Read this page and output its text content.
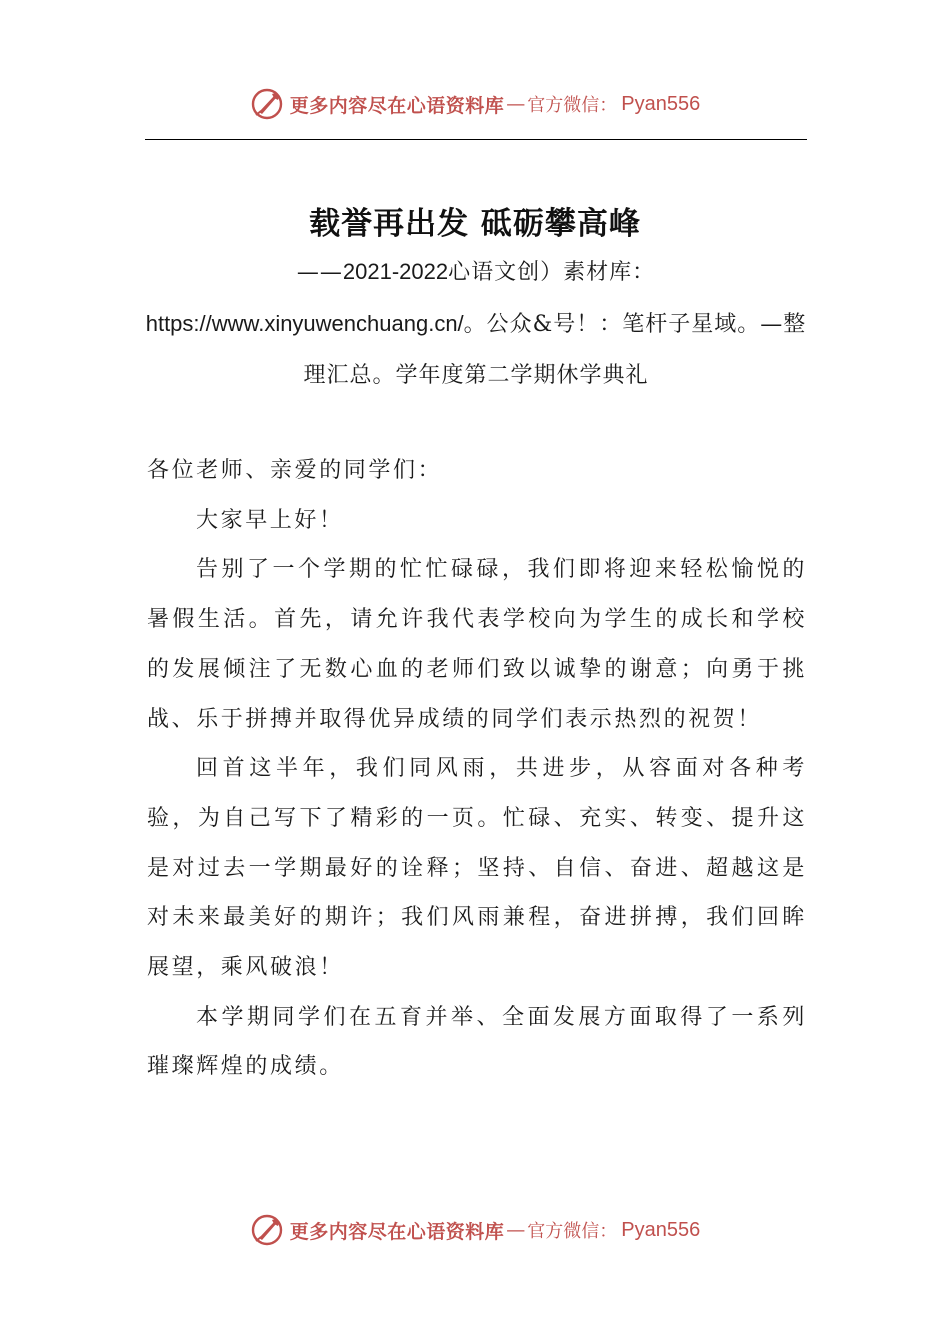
更多内容尽在心语资料库 — 官方微信： Pyan556
载誉再出发 砥砺攀高峰
——2021-2022心语文创）素材库：https://www.xinyuwenchuang.cn/。公众&号！：笔杆子星域。—整理汇总。学年度第二学期休学典礼

各位老师、亲爱的同学们：

大家早上好！

告别了一个学期的忙忙碌碌，我们即将迎来轻松愉悦的暑假生活。首先，请允许我代表学校向为学生的成长和学校的发展倾注了无数心血的老师们致以诚挚的谢意；向勇于挑战、乐于拼搏并取得优异成绩的同学们表示热烈的祝贺！

回首这半年，我们同风雨，共进步，从容面对各种考验，为自己写下了精彩的一页。忙碌、充实、转变、提升这是对过去一学期最好的诠释；坚持、自信、奋进、超越这是对未来最美好的期许；我们风雨兼程，奋进拼搏，我们回眸展望，乘风破浪！

本学期同学们在五育并举、全面发展方面取得了一系列璀璨辉煌的成绩。

更多内容尽在心语资料库 — 官方微信： Pyan556
